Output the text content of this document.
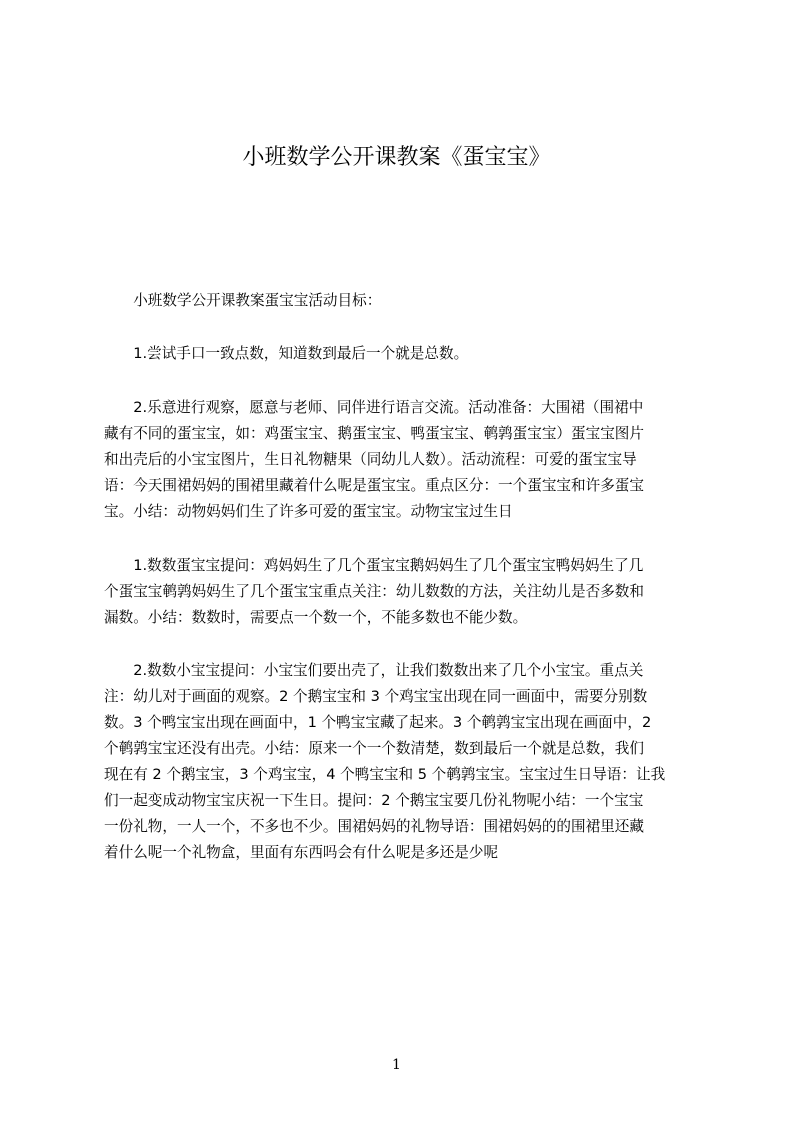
小班数学公开课教案《蛋宝宝》
　　小班数学公开课教案蛋宝宝活动目标：
　　1.尝试手口一致点数，知道数到最后一个就是总数。
　　2.乐意进行观察，愿意与老师、同伴进行语言交流。活动准备：大围裙（围裙中
藏有不同的蛋宝宝，如：鸡蛋宝宝、鹅蛋宝宝、鸭蛋宝宝、鹌鹑蛋宝宝）蛋宝宝图片
和出壳后的小宝宝图片，生日礼物糖果（同幼儿人数）。活动流程：可爱的蛋宝宝导
语：今天围裙妈妈的围裙里藏着什么呢是蛋宝宝。重点区分：一个蛋宝宝和许多蛋宝
宝。小结：动物妈妈们生了许多可爱的蛋宝宝。动物宝宝过生日
　　1.数数蛋宝宝提问：鸡妈妈生了几个蛋宝宝鹅妈妈生了几个蛋宝宝鸭妈妈生了几
个蛋宝宝鹌鹑妈妈生了几个蛋宝宝重点关注：幼儿数数的方法，关注幼儿是否多数和
漏数。小结：数数时，需要点一个数一个，不能多数也不能少数。
　　2.数数小宝宝提问：小宝宝们要出壳了，让我们数数出来了几个小宝宝。重点关
注：幼儿对于画面的观察。2 个鹅宝宝和 3 个鸡宝宝出现在同一画面中，需要分别数
数。3 个鸭宝宝出现在画面中，1 个鸭宝宝藏了起来。3 个鹌鹑宝宝出现在画面中，2
个鹌鹑宝宝还没有出壳。小结：原来一个一个数清楚，数到最后一个就是总数，我们
现在有 2 个鹅宝宝，3 个鸡宝宝，4 个鸭宝宝和 5 个鹌鹑宝宝。宝宝过生日导语：让我
们一起变成动物宝宝庆祝一下生日。提问：2 个鹅宝宝要几份礼物呢小结：一个宝宝
一份礼物，一人一个，不多也不少。围裙妈妈的礼物导语：围裙妈妈的的围裙里还藏
着什么呢一个礼物盒，里面有东西吗会有什么呢是多还是少呢
1
